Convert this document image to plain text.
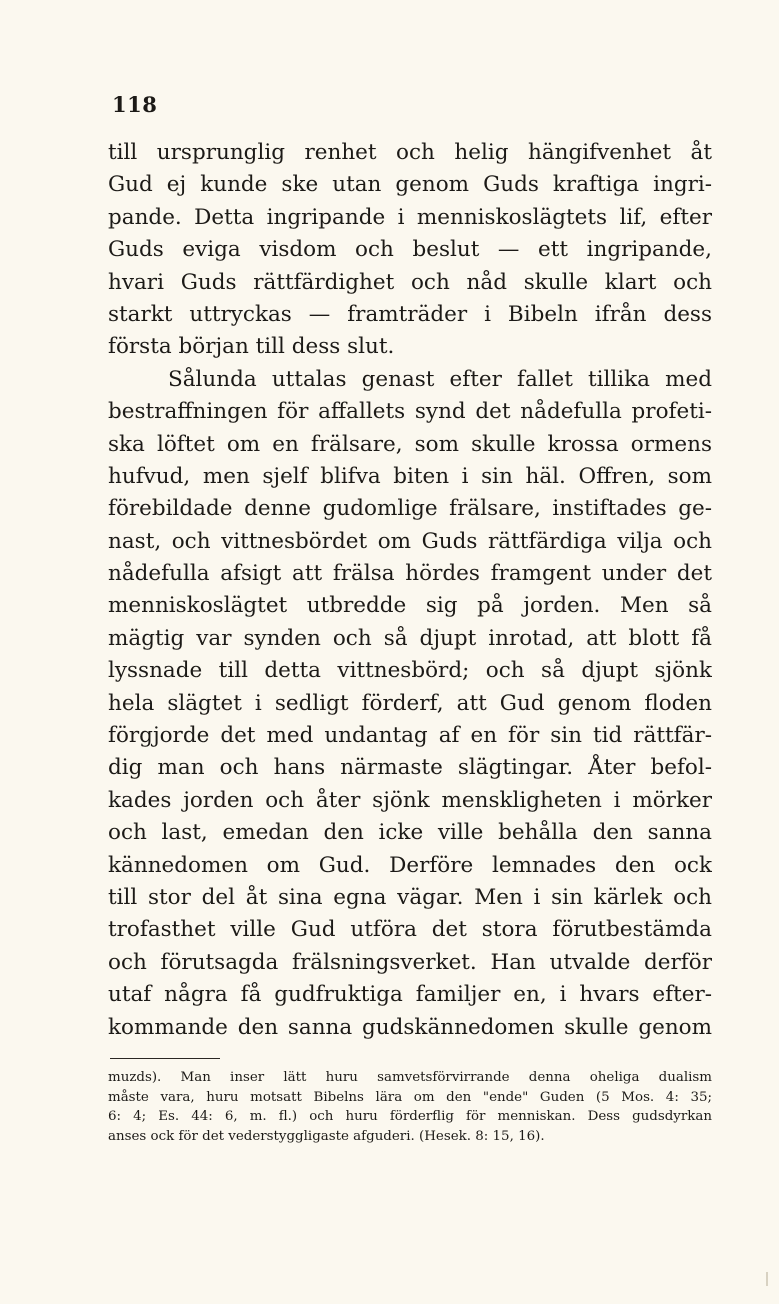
118
till ursprunglig renhet och helig hängifvenhet åt
Gud ej kunde ske utan genom Guds kraftiga ingri-
pande. Detta ingripande i menniskoslägtets lif, efter
Guds eviga visdom och beslut — ett ingripande,
hvari Guds rättfärdighet och nåd skulle klart och
starkt uttryckas — framträder i Bibeln ifrån dess
första början till dess slut.
Sålunda uttalas genast efter fallet tillika med
bestraffningen för affallets synd det nådefulla profeti-
ska löftet om en frälsare, som skulle krossa ormens
hufvud, men sjelf blifva biten i sin häl. Offren, som
förebildade denne gudomlige frälsare, instiftades ge-
nast, och vittnesbördet om Guds rättfärdiga vilja och
nådefulla afsigt att frälsa hördes framgent under det
menniskoslägtet utbredde sig på jorden. Men så
mägtig var synden och så djupt inrotad, att blott få
lyssnade till detta vittnesbörd; och så djupt sjönk
hela slägtet i sedligt förderf, att Gud genom floden
förgjorde det med undantag af en för sin tid rättfär-
dig man och hans närmaste slägtingar. Åter befol-
kades jorden och åter sjönk menskligheten i mörker
och last, emedan den icke ville behålla den sanna
kännedomen om Gud. Derföre lemnades den ock
till stor del åt sina egna vägar. Men i sin kärlek och
trofasthet ville Gud utföra det stora förutbestämda
och förutsagda frälsningsverket. Han utvalde derför
utaf några få gudfruktiga familjer en, i hvars efter-
kommande den sanna gudskännedomen skulle genom
muzds). Man inser lätt huru samvetsförvirrande denna oheliga dualism
måste vara, huru motsatt Bibelns lära om den "ende" Guden (5 Mos. 4: 35;
6: 4; Es. 44: 6, m. fl.) och huru förderflig för menniskan. Dess gudsdyrkan
anses ock för det vederstyggligaste afguderi. (Hesek. 8: 15, 16).
